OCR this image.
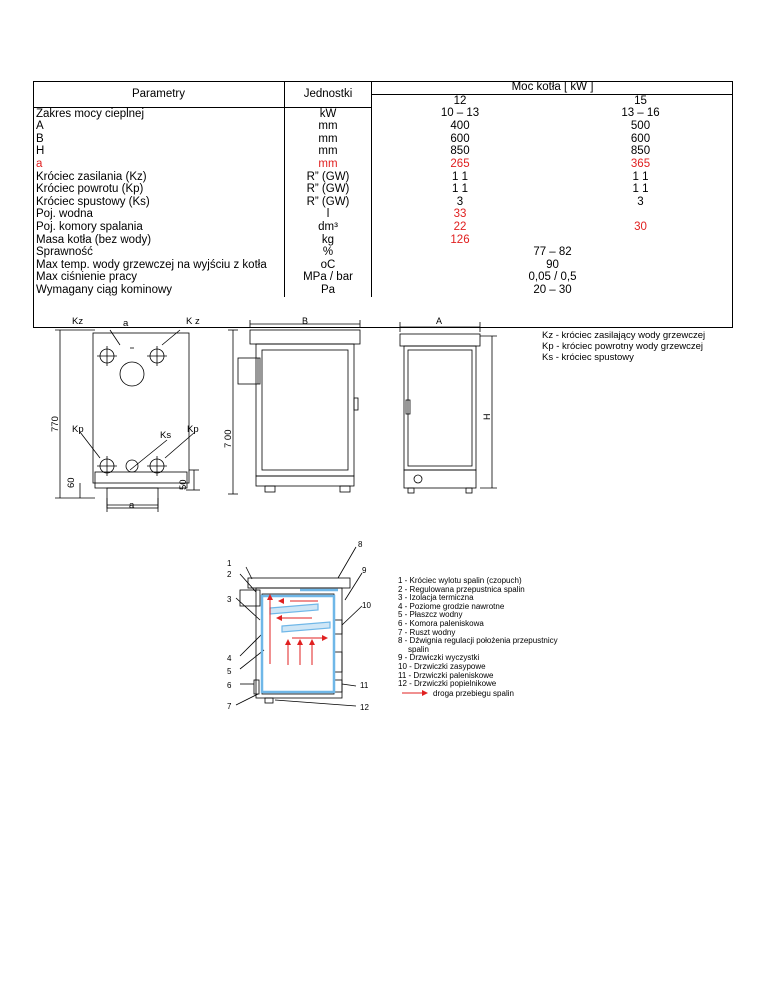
Parametry	Jednostki	Moc kotła [ kW ]	
		12	15
Zakres mocy cieplnej	kW	10 – 13	13 – 16
A	mm	400	500
B	mm	600	600
H	mm	850	850
a	mm	265	365
Króciec zasilania (Kz)	R” (GW)	1 1	1 1
Króciec powrotu (Kp)	R” (GW)	1 1	1 1
Króciec spustowy (Ks)	R” (GW)	3	3
Poj. wodna	l	33	
Poj. komory spalania	dm³	22	30
Masa kotła (bez wody)	kg	126	
Sprawność	%	77 – 82	
Max temp. wody grzewczej na wyjściu z kotła	oC	90	
Max ciśnienie pracy	MPa / bar	0,05 / 0,5	
Wymagany ciąg kominowy	Pa	20 – 30	
Kz	a	K z
Kp
Ks
Kp
a
770
60	50
7 00
B	A
H
1
2
3
4
5
6
7
8
9
10
11
12
droga przebiegu spalin
Kz - króciec zasilający wody grzewczej
Kp - króciec powrotny wody grzewczej
Ks - króciec spustowy
1 - Króciec wylotu spalin (czopuch)
2 - Regulowana przepustnica spalin
3 - Izolacja termiczna
4 - Poziome grodzie nawrotne
5 - Płaszcz wodny
6 - Komora paleniskowa
7 - Ruszt wodny
8 - Dźwignia regulacji położenia przepustnicy
spalin
9 - Drzwiczki wyczystki
10 - Drzwiczki zasypowe
11 - Drzwiczki paleniskowe
12 - Drzwiczki popielnikowe
